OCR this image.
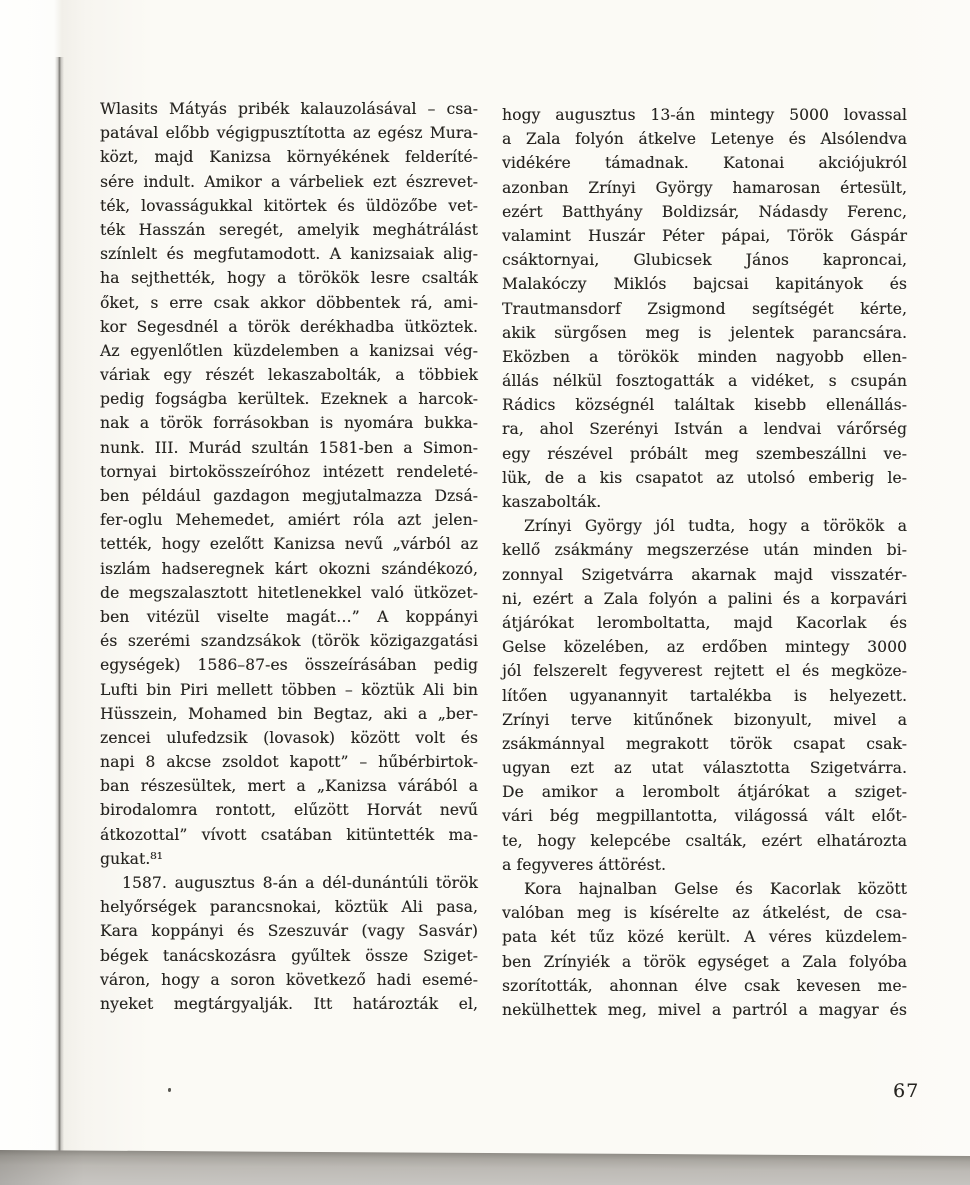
Wlasits Mátyás pribék kalauzolásával – csa-
patával előbb végigpusztította az egész Mura-
közt, majd Kanizsa környékének felderíté-
sére indult. Amikor a várbeliek ezt észrevet-
ték, lovasságukkal kitörtek és üldözőbe vet-
ték Hasszán seregét, amelyik meghátrálást
színlelt és megfutamodott. A kanizsaiak alig-
ha sejthették, hogy a törökök lesre csalták
őket, s erre csak akkor döbbentek rá, ami-
kor Segesdnél a török derékhadba ütköztek.
Az egyenlőtlen küzdelemben a kanizsai vég-
váriak egy részét lekaszabolták, a többiek
pedig fogságba kerültek. Ezeknek a harcok-
nak a török forrásokban is nyomára bukka-
nunk. III. Murád szultán 1581-ben a Simon-
tornyai birtokösszeíróhoz intézett rendeleté-
ben például gazdagon megjutalmazza Dzsá-
fer-oglu Mehemedet, amiért róla azt jelen-
tették, hogy ezelőtt Kanizsa nevű „várból az
iszlám hadseregnek kárt okozni szándékozó,
de megszalasztott hitetlenekkel való ütközet-
ben vitézül viselte magát…” A koppányi
és szerémi szandzsákok (török közigazgatási
egységek) 1586–87-es összeírásában pedig
Lufti bin Piri mellett többen – köztük Ali bin
Hüsszein, Mohamed bin Begtaz, aki a „ber-
zencei ulufedzsik (lovasok) között volt és
napi 8 akcse zsoldot kapott” – hűbérbirtok-
ban részesültek, mert a „Kanizsa várából a
birodalomra rontott, elűzött Horvát nevű
átkozottal” vívott csatában kitüntették ma-
gukat.⁸¹
1587. augusztus 8-án a dél-dunántúli török
helyőrségek parancsnokai, köztük Ali pasa,
Kara koppányi és Szeszuvár (vagy Sasvár)
bégek tanácskozásra gyűltek össze Sziget-
váron, hogy a soron következő hadi esemé-
nyeket megtárgyalják. Itt határozták el,
hogy augusztus 13-án mintegy 5000 lovassal
a Zala folyón átkelve Letenye és Alsólendva
vidékére támadnak. Katonai akciójukról
azonban Zrínyi György hamarosan értesült,
ezért Batthyány Boldizsár, Nádasdy Ferenc,
valamint Huszár Péter pápai, Török Gáspár
csáktornyai, Glubicsek János kaproncai,
Malakóczy Miklós bajcsai kapitányok és
Trautmansdorf Zsigmond segítségét kérte,
akik sürgősen meg is jelentek parancsára.
Eközben a törökök minden nagyobb ellen-
állás nélkül fosztogatták a vidéket, s csupán
Rádics községnél találtak kisebb ellenállás-
ra, ahol Szerényi István a lendvai várőrség
egy részével próbált meg szembeszállni ve-
lük, de a kis csapatot az utolsó emberig le-
kaszabolták.
Zrínyi György jól tudta, hogy a törökök a
kellő zsákmány megszerzése után minden bi-
zonnyal Szigetvárra akarnak majd visszatér-
ni, ezért a Zala folyón a palini és a korpavári
átjárókat leromboltatta, majd Kacorlak és
Gelse közelében, az erdőben mintegy 3000
jól felszerelt fegyverest rejtett el és megköze-
lítően ugyanannyit tartalékba is helyezett.
Zrínyi terve kitűnőnek bizonyult, mivel a
zsákmánnyal megrakott török csapat csak-
ugyan ezt az utat választotta Szigetvárra.
De amikor a lerombolt átjárókat a sziget-
vári bég megpillantotta, világossá vált előt-
te, hogy kelepcébe csalták, ezért elhatározta
a fegyveres áttörést.
Kora hajnalban Gelse és Kacorlak között
valóban meg is kísérelte az átkelést, de csa-
pata két tűz közé került. A véres küzdelem-
ben Zrínyiék a török egységet a Zala folyóba
szorították, ahonnan élve csak kevesen me-
nekülhettek meg, mivel a partról a magyar és
67
